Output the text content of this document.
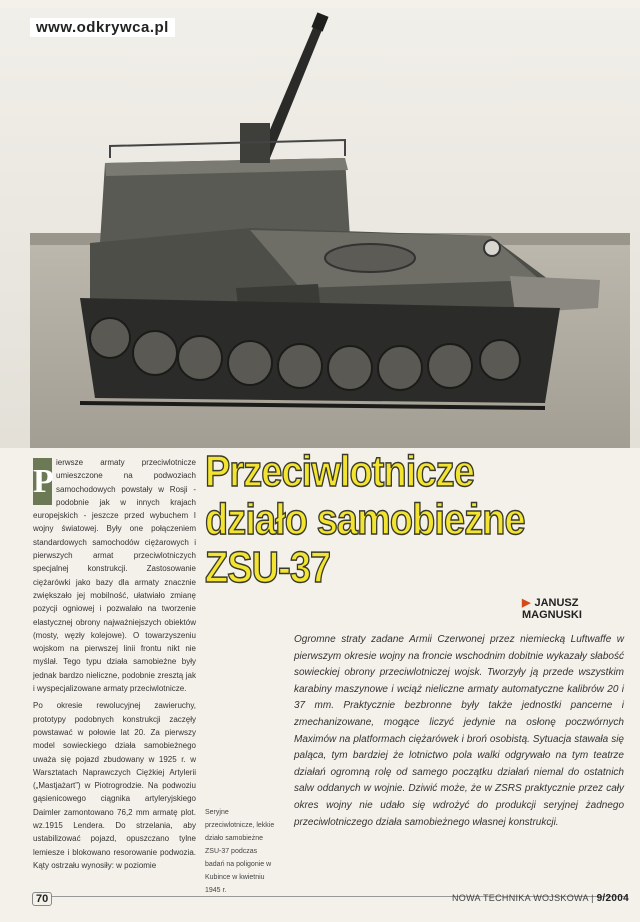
www.odkrywca.pl

P
ierwsze armaty przeciwlotnicze umieszczone na podwoziach samochodowych powstały w Rosji - podobnie jak w innych krajach europejskich - jeszcze przed wybuchem I wojny światowej. Były one połączeniem standardowych samochodów ciężarowych i pierwszych armat przeciwlotniczych specjalnej konstrukcji. Zastosowanie ciężarówki jako bazy dla armaty znacznie zwiększało jej mobilność, ułatwiało zmianę pozycji ogniowej i pozwalało na tworzenie elastycznej obrony najważniejszych obiektów (mosty, węzły kolejowe). O towarzyszeniu wojskom na pierwszej linii frontu nikt nie myślał. Tego typu działa samobieżne były jednak bardzo nieliczne, podobnie zresztą jak i wyspecjalizowane armaty przeciwlotnicze.

Po okresie rewolucyjnej zawieruchy, prototypy podobnych konstrukcji zaczęły powstawać w połowie lat 20. Za pierwszy model sowieckiego działa samobieżnego uważa się pojazd zbudowany w 1925 r. w Warsztatach Naprawczych Ciężkiej Artylerii („Mastjażart”) w Piotrogrodzie. Na podwoziu gąsienicowego ciągnika artyleryjskiego Daimler zamontowano 76,2 mm armatę plot. wz.1915 Lendera. Do strzelania, aby ustabilizować pojazd, opuszczano tylne lemiesze i blokowano resorowanie podwozia. Kąty ostrzału wynosiły: w poziomie

Przeciwlotnicze
działo samobieżne
ZSU-37
▶ JANUSZ MAGNUSKI
Ogromne straty zadane Armii Czerwonej przez niemiecką Luftwaffe w pierwszym okresie wojny na froncie wschodnim dobitnie wykazały słabość sowieckiej obrony przeciwlotniczej wojsk. Tworzyły ją przede wszystkim karabiny maszynowe i wciąż nieliczne armaty automatyczne kalibrów 20 i 37 mm. Praktycznie bezbronne były także jednostki pancerne i zmechanizowane, mogące liczyć jedynie na osłonę poczwórnych Maximów na platformach ciężarówek i broń osobistą. Sytuacja stawała się paląca, tym bardziej że lotnictwo pola walki odgrywało na tym teatrze działań ogromną rolę od samego początku działań niemal do ostatnich salw oddanych w wojnie. Dziwić może, że w ZSRS praktycznie przez cały okres wojny nie udało się wdrożyć do produkcji seryjnej żadnego przeciwlotniczego działa samobieżnego własnej konstrukcji.
Seryjne przeciwlotnicze, lekkie działo samobieżne ZSU-37 podczas badań na poligonie w Kubince w kwietniu 1945 r.
70	NOWA TECHNIKA WOJSKOWA | 9/2004
